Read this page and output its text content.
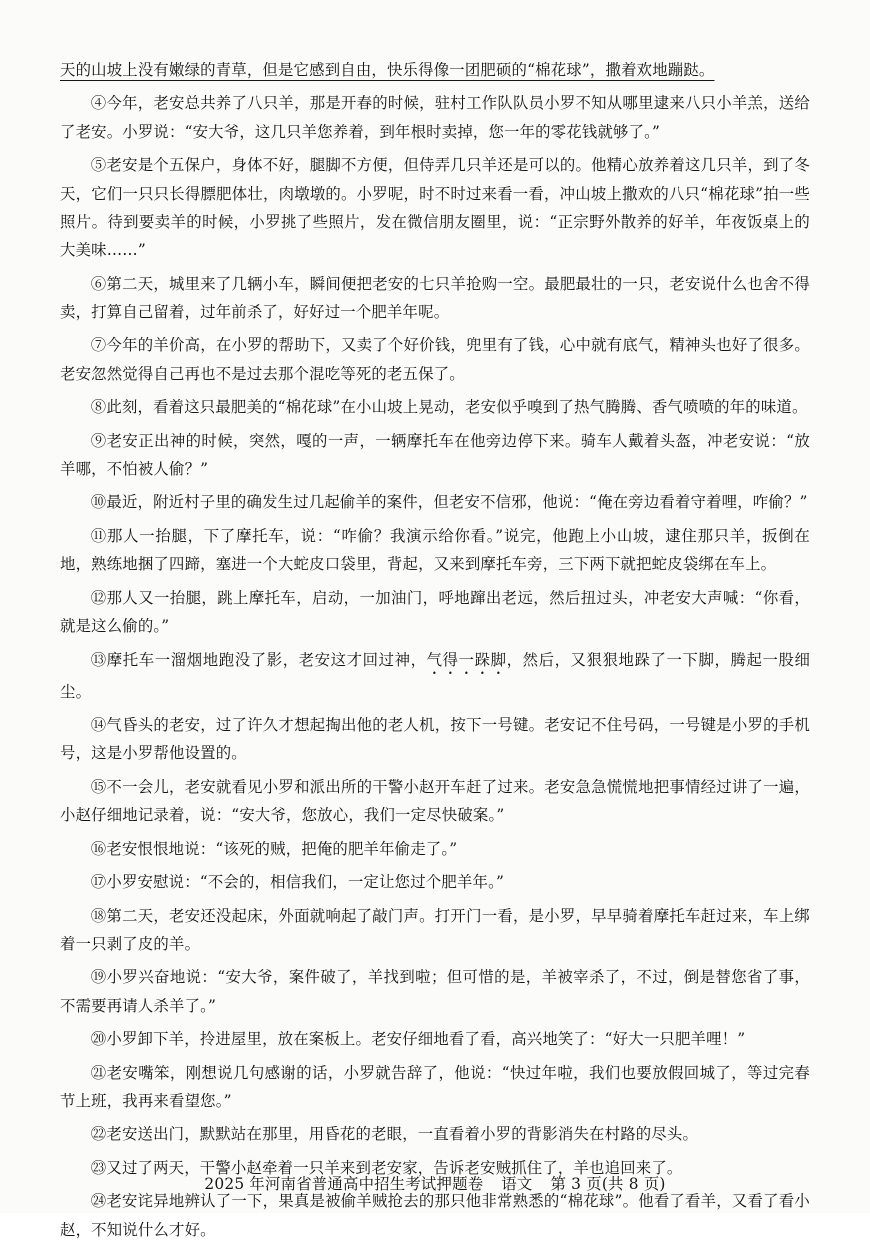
天的山坡上没有嫩绿的青草，但是它感到自由，快乐得像一团肥硕的“棉花球”，撒着欢地蹦跶。

④今年，老安总共养了八只羊，那是开春的时候，驻村工作队队员小罗不知从哪里逮来八只小羊羔，送给了老安。小罗说：“安大爷，这几只羊您养着，到年根时卖掉，您一年的零花钱就够了。”

⑤老安是个五保户，身体不好，腿脚不方便，但侍弄几只羊还是可以的。他精心放养着这几只羊，到了冬天，它们一只只长得膘肥体壮，肉墩墩的。小罗呢，时不时过来看一看，冲山坡上撒欢的八只“棉花球”拍一些照片。待到要卖羊的时候，小罗挑了些照片，发在微信朋友圈里，说：“正宗野外散养的好羊，年夜饭桌上的大美味……”

⑥第二天，城里来了几辆小车，瞬间便把老安的七只羊抢购一空。最肥最壮的一只，老安说什么也舍不得卖，打算自己留着，过年前杀了，好好过一个肥羊年呢。

⑦今年的羊价高，在小罗的帮助下，又卖了个好价钱，兜里有了钱，心中就有底气，精神头也好了很多。老安忽然觉得自己再也不是过去那个混吃等死的老五保了。

⑧此刻，看着这只最肥美的“棉花球”在小山坡上晃动，老安似乎嗅到了热气腾腾、香气喷喷的年的味道。

⑨老安正出神的时候，突然，嘎的一声，一辆摩托车在他旁边停下来。骑车人戴着头盔，冲老安说：“放羊哪，不怕被人偷？”

⑩最近，附近村子里的确发生过几起偷羊的案件，但老安不信邪，他说：“俺在旁边看着守着哩，咋偷？”

⑪那人一抬腿，下了摩托车，说：“咋偷？我演示给你看。”说完，他跑上小山坡，逮住那只羊，扳倒在地，熟练地捆了四蹄，塞进一个大蛇皮口袋里，背起，又来到摩托车旁，三下两下就把蛇皮袋绑在车上。

⑫那人又一抬腿，跳上摩托车，启动，一加油门，呼地蹿出老远，然后扭过头，冲老安大声喊：“你看，就是这么偷的。”

⑬摩托车一溜烟地跑没了影，老安这才回过神，气得一跺脚，然后，又狠狠地跺了一下脚，腾起一股细尘。

⑭气昏头的老安，过了许久才想起掏出他的老人机，按下一号键。老安记不住号码，一号键是小罗的手机号，这是小罗帮他设置的。

⑮不一会儿，老安就看见小罗和派出所的干警小赵开车赶了过来。老安急急慌慌地把事情经过讲了一遍，小赵仔细地记录着，说：“安大爷，您放心，我们一定尽快破案。”

⑯老安恨恨地说：“该死的贼，把俺的肥羊年偷走了。”

⑰小罗安慰说：“不会的，相信我们，一定让您过个肥羊年。”

⑱第二天，老安还没起床，外面就响起了敲门声。打开门一看，是小罗，早早骑着摩托车赶过来，车上绑着一只剥了皮的羊。

⑲小罗兴奋地说：“安大爷，案件破了，羊找到啦；但可惜的是，羊被宰杀了，不过，倒是替您省了事，不需要再请人杀羊了。”

⑳小罗卸下羊，拎进屋里，放在案板上。老安仔细地看了看，高兴地笑了：“好大一只肥羊哩！”

㉑老安嘴笨，刚想说几句感谢的话，小罗就告辞了，他说：“快过年啦，我们也要放假回城了，等过完春节上班，我再来看望您。”

㉒老安送出门，默默站在那里，用昏花的老眼，一直看着小罗的背影消失在村路的尽头。

㉓又过了两天，干警小赵牵着一只羊来到老安家，告诉老安贼抓住了，羊也追回来了。

㉔老安诧异地辨认了一下，果真是被偷羊贼抢去的那只他非常熟悉的“棉花球”。他看了看羊，又看了看小赵，不知说什么才好。

2025 年河南省普通高中招生考试押题卷 语文 第 3 页(共 8 页)
